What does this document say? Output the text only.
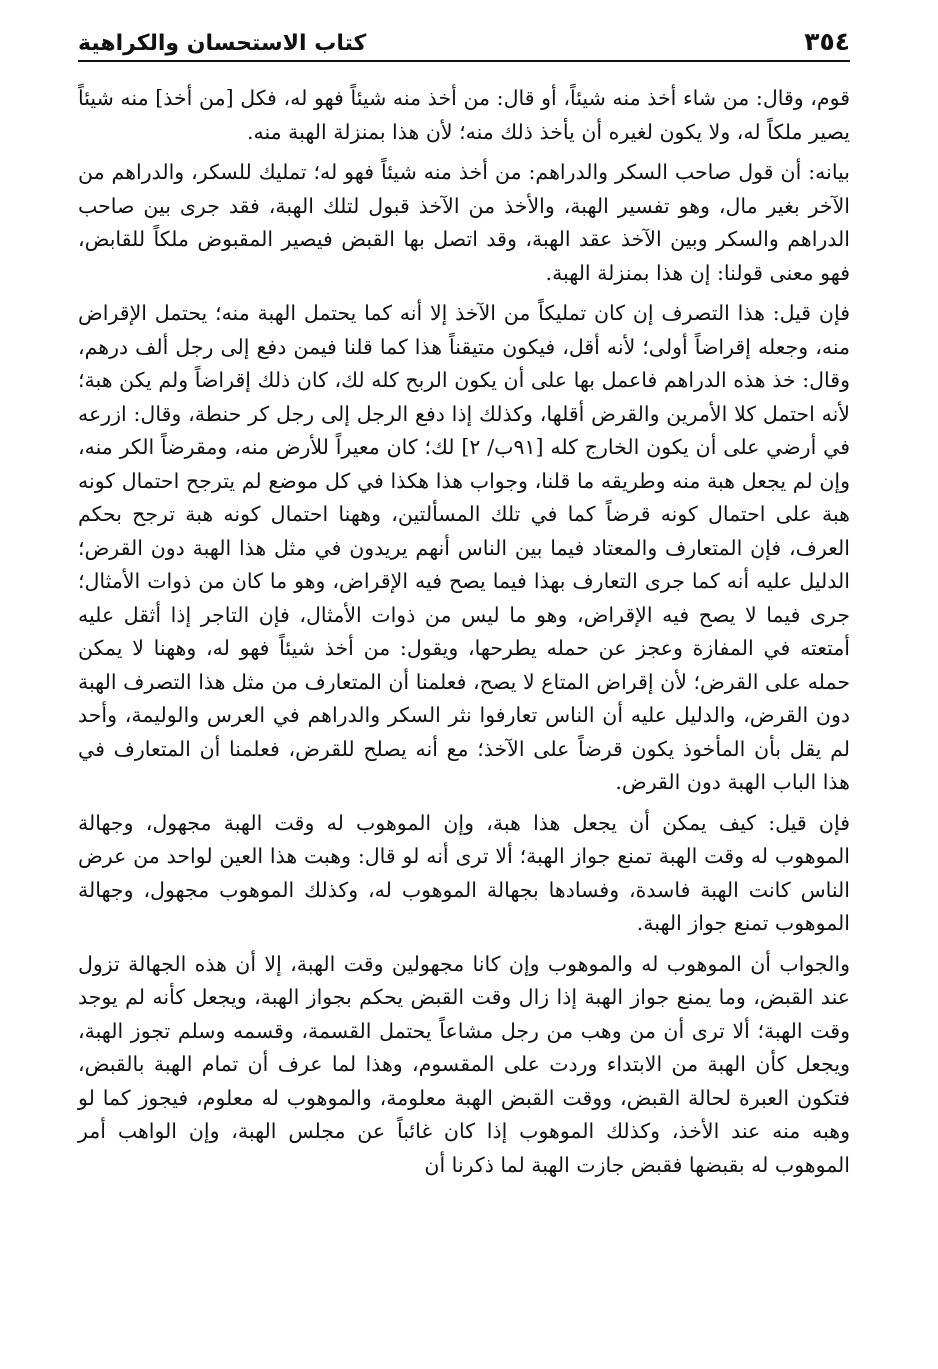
٣٥٤
كتاب الاستحسان والكراهية

قوم، وقال: من شاء أخذ منه شيئاً، أو قال: من أخذ منه شيئاً فهو له، فكل [من أخذ] منه شيئاً يصير ملكاً له، ولا يكون لغيره أن يأخذ ذلك منه؛ لأن هذا بمنزلة الهبة منه.

بيانه: أن قول صاحب السكر والدراهم: من أخذ منه شيئاً فهو له؛ تمليك للسكر، والدراهم من الآخر بغير مال، وهو تفسير الهبة، والأخذ من الآخذ قبول لتلك الهبة، فقد جرى بين صاحب الدراهم والسكر وبين الآخذ عقد الهبة، وقد اتصل بها القبض فيصير المقبوض ملكاً للقابض، فهو معنى قولنا: إن هذا بمنزلة الهبة.

فإن قيل: هذا التصرف إن كان تمليكاً من الآخذ إلا أنه كما يحتمل الهبة منه؛ يحتمل الإقراض منه، وجعله إقراضاً أولى؛ لأنه أقل، فيكون متيقناً هذا كما قلنا فيمن دفع إلى رجل ألف درهم، وقال: خذ هذه الدراهم فاعمل بها على أن يكون الربح كله لك، كان ذلك إقراضاً ولم يكن هبة؛ لأنه احتمل كلا الأمرين والقرض أقلها، وكذلك إذا دفع الرجل إلى رجل كر حنطة، وقال: ازرعه في أرضي على أن يكون الخارج كله [٩١ب/ ٢] لك؛ كان معيراً للأرض منه، ومقرضاً الكر منه، وإن لم يجعل هبة منه وطريقه ما قلنا، وجواب هذا هكذا في كل موضع لم يترجح احتمال كونه هبة على احتمال كونه قرضاً كما في تلك المسألتين، وههنا احتمال كونه هبة ترجح بحكم العرف، فإن المتعارف والمعتاد فيما بين الناس أنهم يريدون في مثل هذا الهبة دون القرض؛ الدليل عليه أنه كما جرى التعارف بهذا فيما يصح فيه الإقراض، وهو ما كان من ذوات الأمثال؛ جرى فيما لا يصح فيه الإقراض، وهو ما ليس من ذوات الأمثال، فإن التاجر إذا أثقل عليه أمتعته في المفازة وعجز عن حمله يطرحها، ويقول: من أخذ شيئاً فهو له، وههنا لا يمكن حمله على القرض؛ لأن إقراض المتاع لا يصح، فعلمنا أن المتعارف من مثل هذا التصرف الهبة دون القرض، والدليل عليه أن الناس تعارفوا نثر السكر والدراهم في العرس والوليمة، وأحد لم يقل بأن المأخوذ يكون قرضاً على الآخذ؛ مع أنه يصلح للقرض، فعلمنا أن المتعارف في هذا الباب الهبة دون القرض.

فإن قيل: كيف يمكن أن يجعل هذا هبة، وإن الموهوب له وقت الهبة مجهول، وجهالة الموهوب له وقت الهبة تمنع جواز الهبة؛ ألا ترى أنه لو قال: وهبت هذا العين لواحد من عرض الناس كانت الهبة فاسدة، وفسادها بجهالة الموهوب له، وكذلك الموهوب مجهول، وجهالة الموهوب تمنع جواز الهبة.

والجواب أن الموهوب له والموهوب وإن كانا مجهولين وقت الهبة، إلا أن هذه الجهالة تزول عند القبض، وما يمنع جواز الهبة إذا زال وقت القبض يحكم بجواز الهبة، ويجعل كأنه لم يوجد وقت الهبة؛ ألا ترى أن من وهب من رجل مشاعاً يحتمل القسمة، وقسمه وسلم تجوز الهبة، ويجعل كأن الهبة من الابتداء وردت على المقسوم، وهذا لما عرف أن تمام الهبة بالقبض، فتكون العبرة لحالة القبض، ووقت القبض الهبة معلومة، والموهوب له معلوم، فيجوز كما لو وهبه منه عند الأخذ، وكذلك الموهوب إذا كان غائباً عن مجلس الهبة، وإن الواهب أمر الموهوب له بقبضها فقبض جازت الهبة لما ذكرنا أن
